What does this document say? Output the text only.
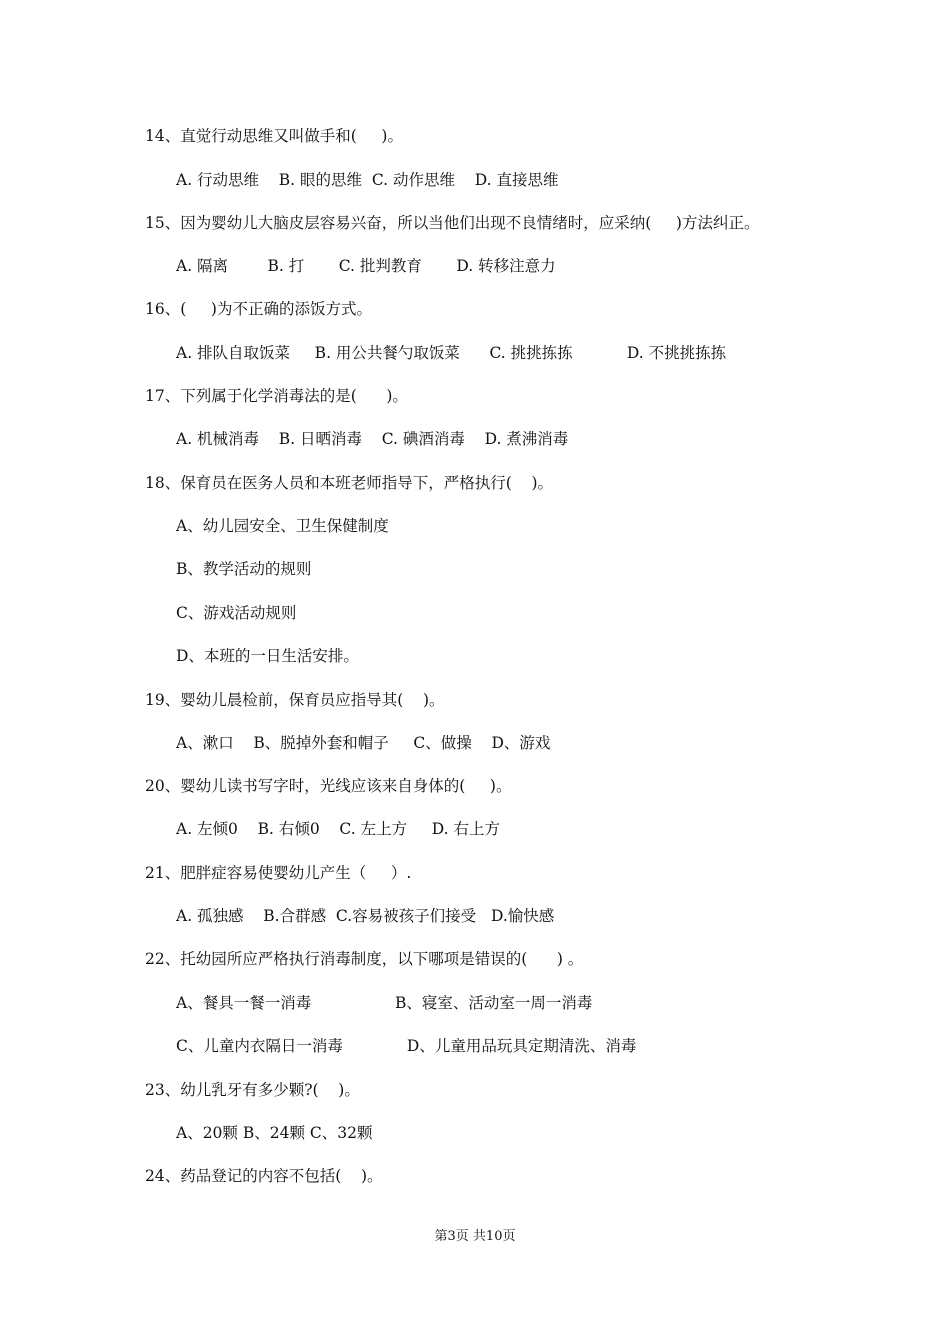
14、直觉行动思维又叫做手和(     )。
A. 行动思维    B. 眼的思维  C. 动作思维    D. 直接思维
15、因为婴幼儿大脑皮层容易兴奋，所以当他们出现不良情绪时，应采纳(     )方法纠正。
A. 隔离        B. 打       C. 批判教育       D. 转移注意力
16、(     )为不正确的添饭方式。
A. 排队自取饭菜     B. 用公共餐勺取饭菜      C. 挑挑拣拣           D. 不挑挑拣拣
17、下列属于化学消毒法的是(      )。
A. 机械消毒    B. 日晒消毒    C. 碘酒消毒    D. 煮沸消毒
18、保育员在医务人员和本班老师指导下，严格执行(    )。
A、幼儿园安全、卫生保健制度
B、教学活动的规则
C、游戏活动规则
D、本班的一日生活安排。
19、婴幼儿晨检前，保育员应指导其(    )。
A、漱口    B、脱掉外套和帽子     C、做操    D、游戏
20、婴幼儿读书写字时，光线应该来自身体的(     )。
A. 左倾0    B. 右倾0    C. 左上方     D. 右上方
21、肥胖症容易使婴幼儿产生（     ）.
A. 孤独感    B.合群感  C.容易被孩子们接受   D.愉快感
22、托幼园所应严格执行消毒制度，以下哪项是错误的(      ) 。
A、餐具一餐一消毒                 B、寝室、活动室一周一消毒
C、儿童内衣隔日一消毒             D、儿童用品玩具定期清洗、消毒
23、幼儿乳牙有多少颗?(    )。
A、20颗 B、24颗 C、32颗
24、药品登记的内容不包括(    )。
第3页 共10页
